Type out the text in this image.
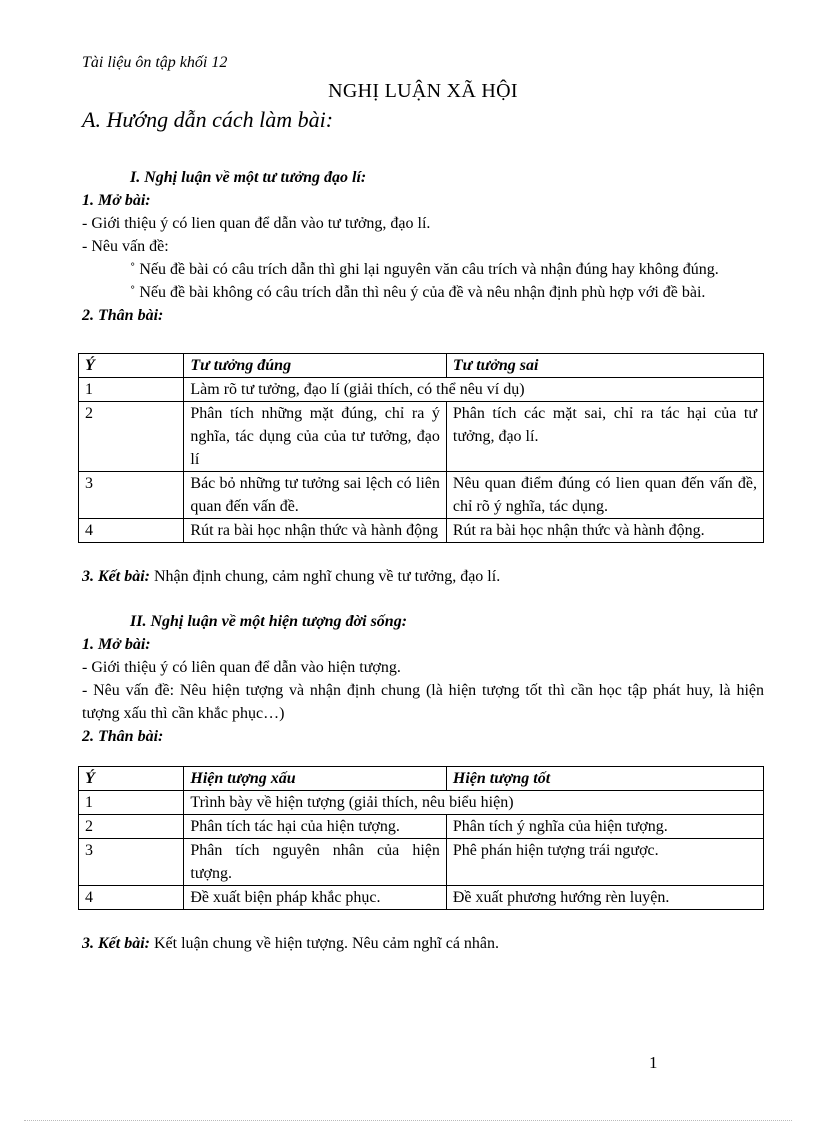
Tài liệu ôn tập khối 12

NGHỊ LUẬN XÃ HỘI
A. Hướng dẫn cách làm bài:

I. Nghị luận về một tư tưởng đạo lí:

1. Mở bài:

- Giới thiệu ý có lien quan để dẫn vào tư tưởng, đạo lí.

- Nêu vấn đề:

˚ Nếu đề bài có câu trích dẫn thì ghi lại nguyên văn câu trích và nhận đúng hay không đúng.

˚ Nếu đề bài không có câu trích dẫn thì nêu ý của đề và nêu nhận định phù hợp với đề bài.

2. Thân bài:

Ý	Tư tưởng đúng	Tư tưởng sai
1	Làm rõ tư tưởng, đạo lí (giải thích, có thể nêu ví dụ)	
2	Phân tích những mặt đúng, chỉ ra ý nghĩa, tác dụng của của tư tưởng, đạo lí	Phân tích các mặt sai, chỉ ra tác hại của tư tưởng, đạo lí.
3	Bác bỏ những tư tưởng sai lệch có liên quan đến vấn đề.	Nêu quan điểm đúng có lien quan đến vấn đề, chỉ rõ ý nghĩa, tác dụng.
4	Rút ra bài học nhận thức và hành động	Rút ra bài học nhận thức và hành động.

3. Kết bài: Nhận định chung, cảm nghĩ chung về tư tưởng, đạo lí.

II. Nghị luận về một hiện tượng đời sống:

1. Mở bài:

- Giới thiệu ý có liên quan để dẫn vào hiện tượng.

- Nêu vấn đề: Nêu hiện tượng và nhận định chung (là hiện tượng tốt thì cần học tập phát huy, là hiện tượng xấu thì cần khắc phục…)

2. Thân bài:

Ý	Hiện tượng xấu	Hiện tượng tốt
1	Trình bày về hiện tượng (giải thích, nêu biểu hiện)	
2	Phân tích tác hại của hiện tượng.	Phân tích ý nghĩa của hiện tượng.
3	Phân tích nguyên nhân của hiện tượng.	Phê phán hiện tượng trái ngược.
4	Đề xuất biện pháp khắc phục.	Đề xuất phương hướng rèn luyện.

3. Kết bài: Kết luận chung về hiện tượng. Nêu cảm nghĩ cá nhân.

1
